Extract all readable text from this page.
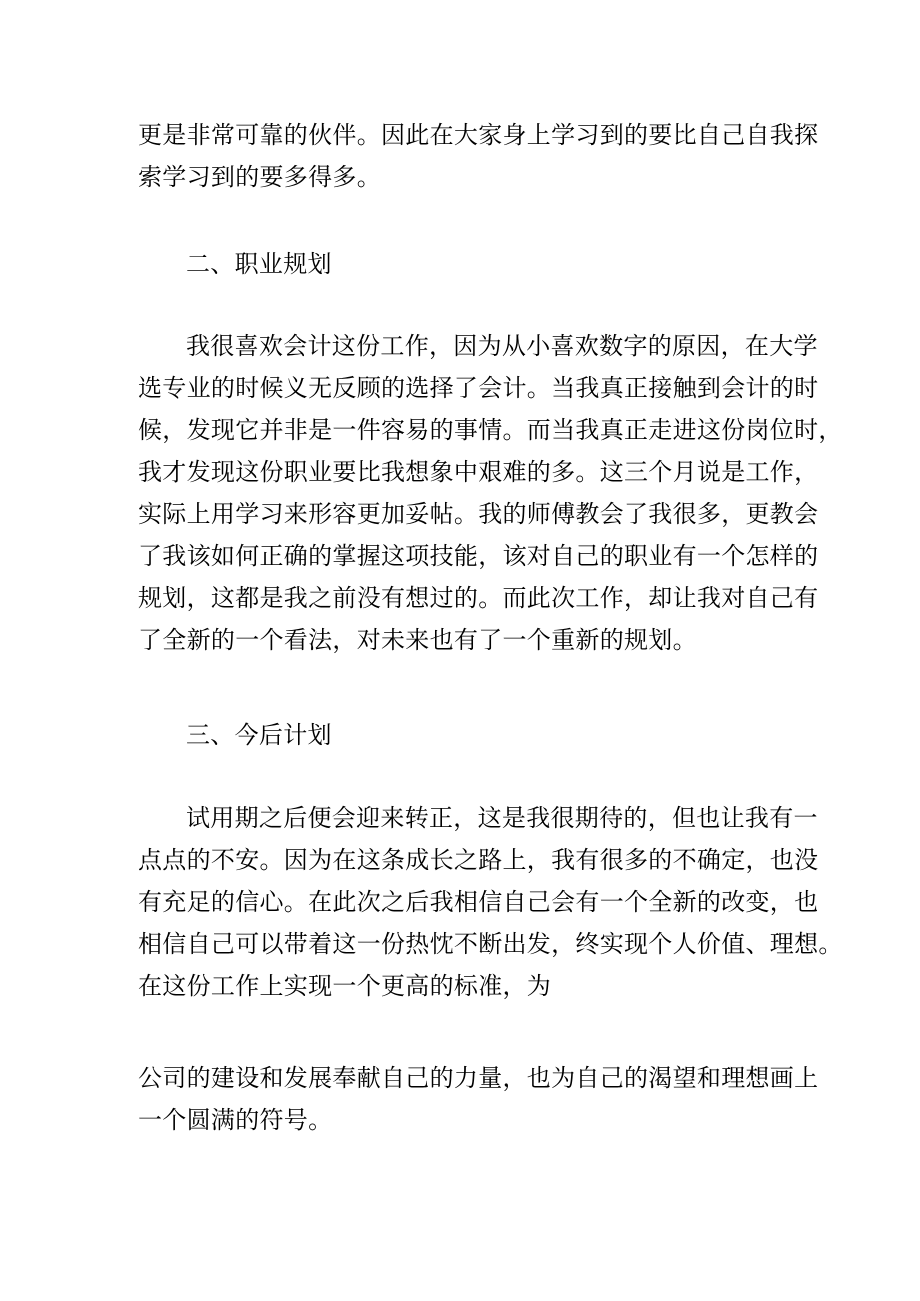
更是非常可靠的伙伴。因此在大家身上学习到的要比自己自我探
索学习到的要多得多。
二、职业规划
我很喜欢会计这份工作，因为从小喜欢数字的原因，在大学
选专业的时候义无反顾的选择了会计。当我真正接触到会计的时
候，发现它并非是一件容易的事情。而当我真正走进这份岗位时，
我才发现这份职业要比我想象中艰难的多。这三个月说是工作，
实际上用学习来形容更加妥帖。我的师傅教会了我很多，更教会
了我该如何正确的掌握这项技能，该对自己的职业有一个怎样的
规划，这都是我之前没有想过的。而此次工作，却让我对自己有
了全新的一个看法，对未来也有了一个重新的规划。
三、今后计划
试用期之后便会迎来转正，这是我很期待的，但也让我有一
点点的不安。因为在这条成长之路上，我有很多的不确定，也没
有充足的信心。在此次之后我相信自己会有一个全新的改变，也
相信自己可以带着这一份热忱不断出发，终实现个人价值、理想。
在这份工作上实现一个更高的标准，为
公司的建设和发展奉献自己的力量，也为自己的渴望和理想画上
一个圆满的符号。
